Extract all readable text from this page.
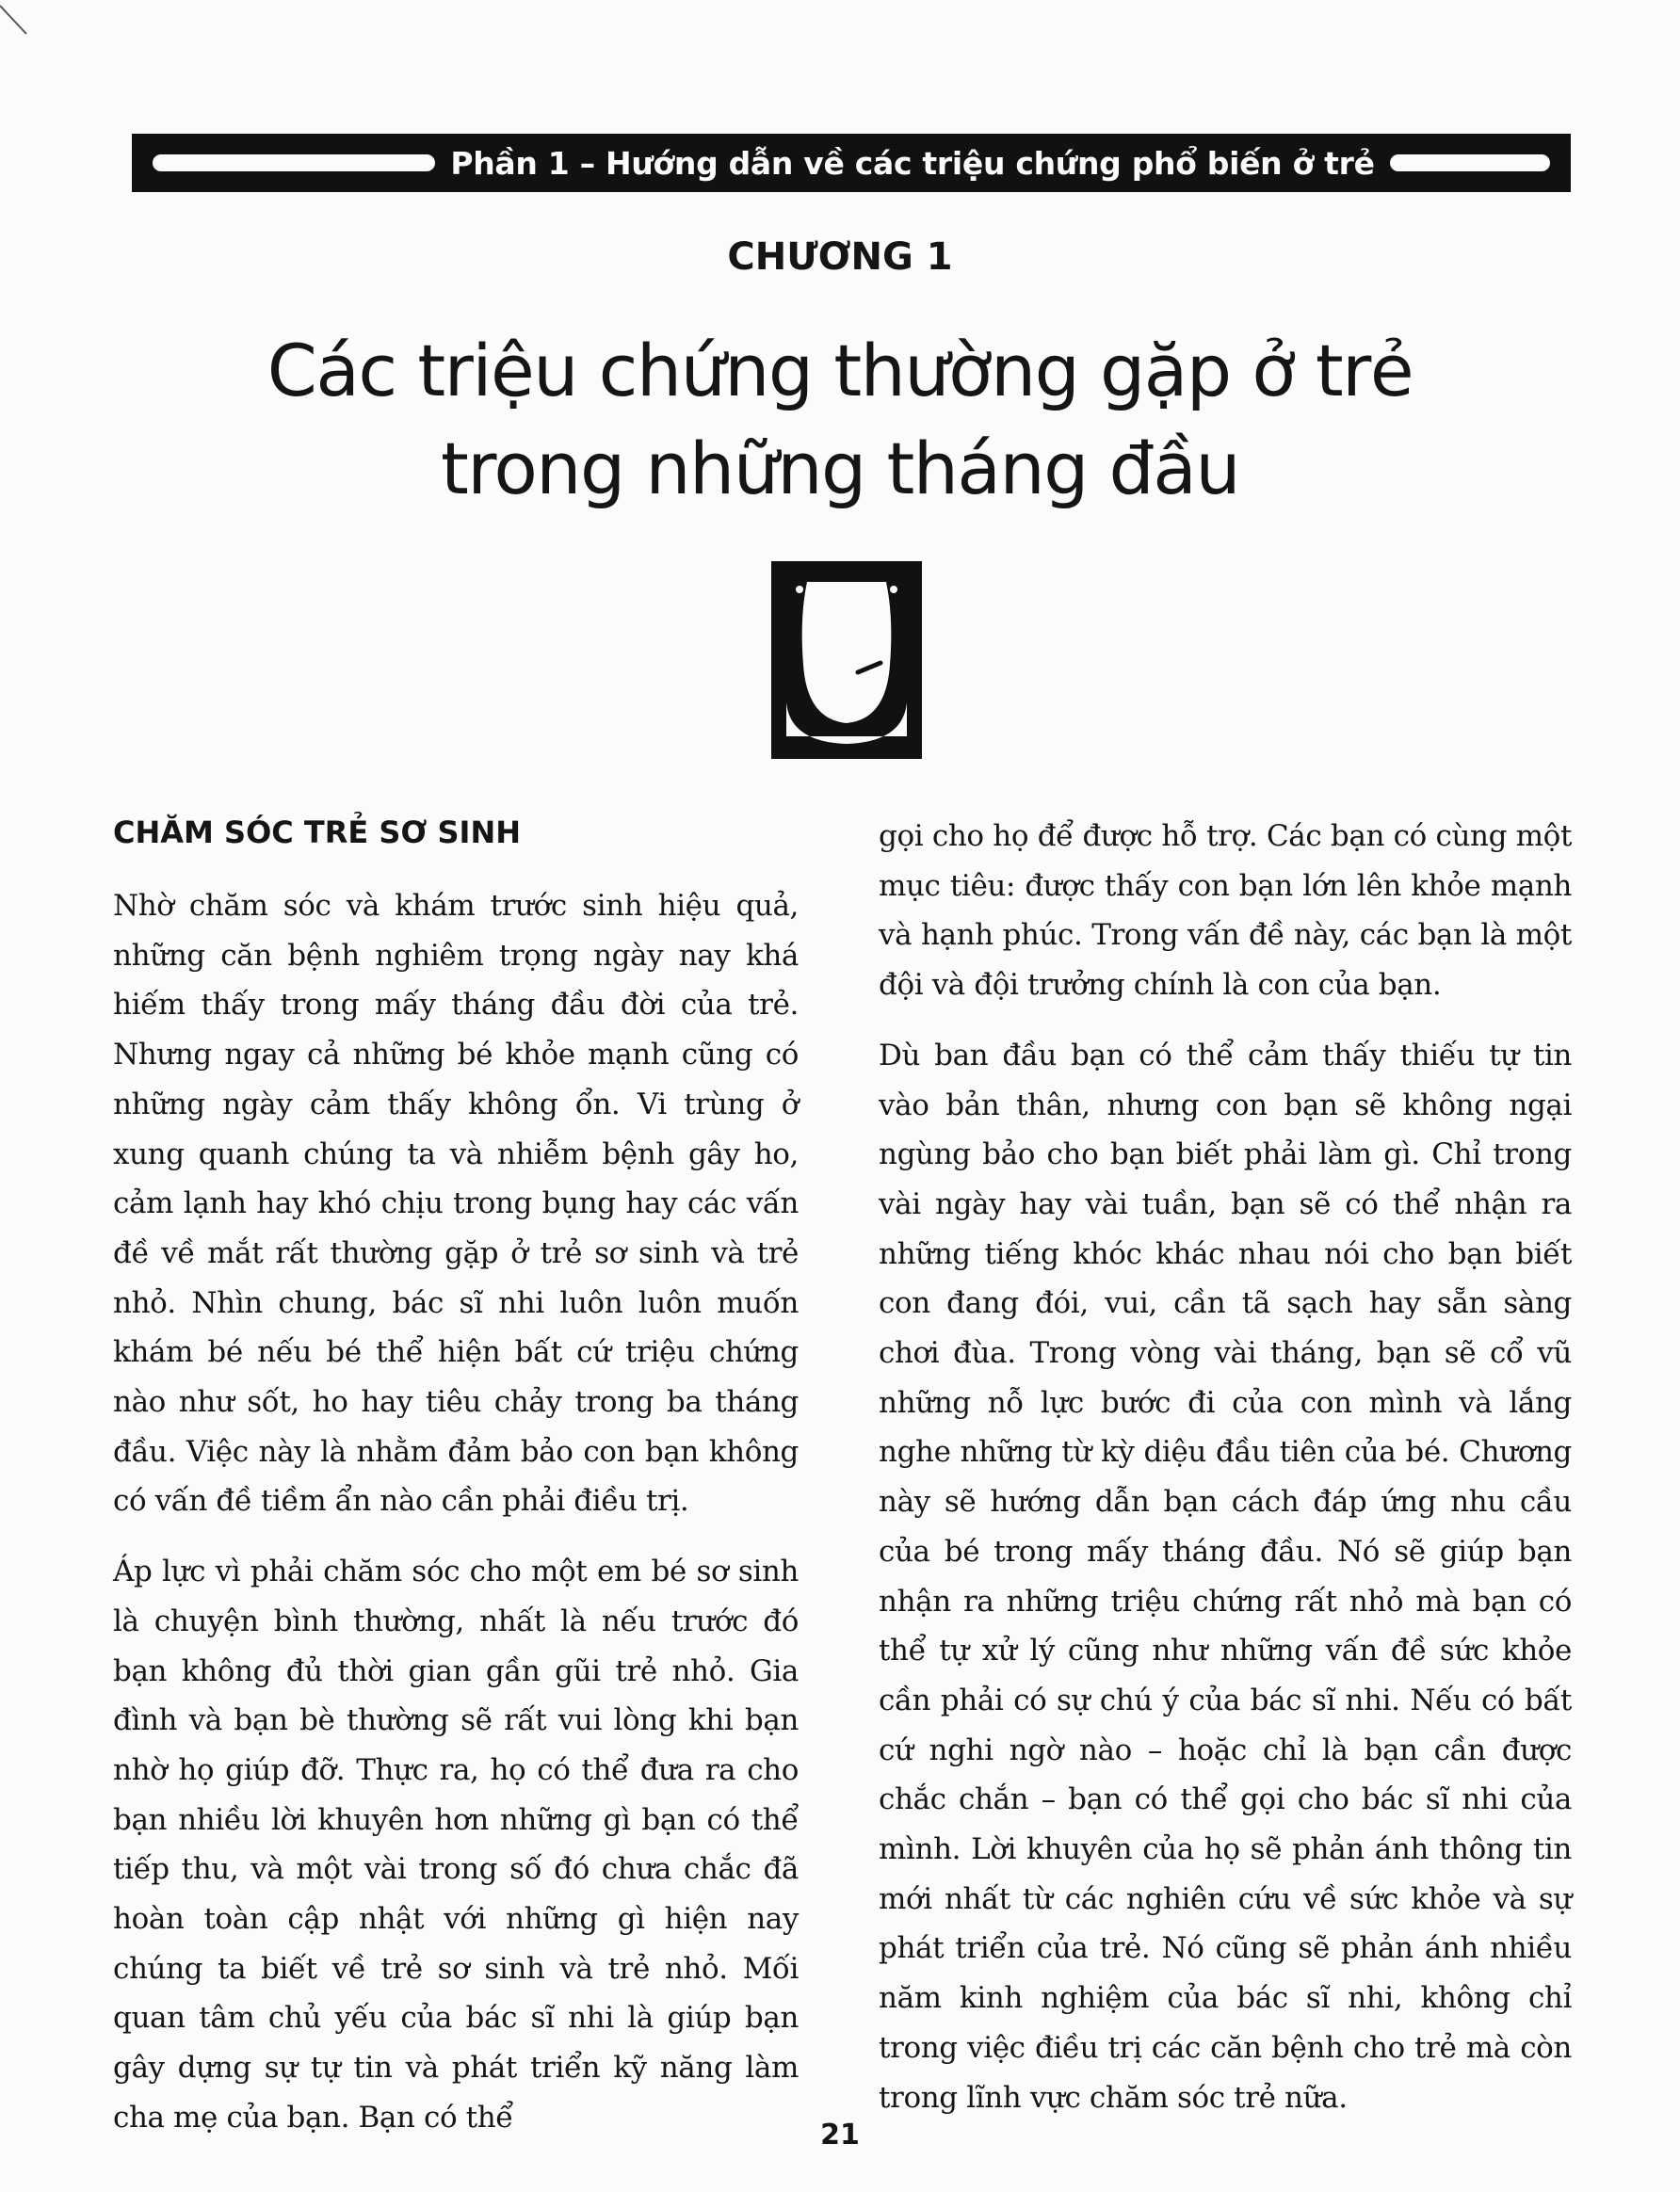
Phần 1 – Hướng dẫn về các triệu chứng phổ biến ở trẻ
CHƯƠNG 1
Các triệu chứng thường gặp ở trẻ
trong những tháng đầu
CHĂM SÓC TRẺ SƠ SINH

Nhờ chăm sóc và khám trước sinh hiệu quả, những căn bệnh nghiêm trọng ngày nay khá hiếm thấy trong mấy tháng đầu đời của trẻ. Nhưng ngay cả những bé khỏe mạnh cũng có những ngày cảm thấy không ổn. Vi trùng ở xung quanh chúng ta và nhiễm bệnh gây ho, cảm lạnh hay khó chịu trong bụng hay các vấn đề về mắt rất thường gặp ở trẻ sơ sinh và trẻ nhỏ. Nhìn chung, bác sĩ nhi luôn luôn muốn khám bé nếu bé thể hiện bất cứ triệu chứng nào như sốt, ho hay tiêu chảy trong ba tháng đầu. Việc này là nhằm đảm bảo con bạn không có vấn đề tiềm ẩn nào cần phải điều trị.

Áp lực vì phải chăm sóc cho một em bé sơ sinh là chuyện bình thường, nhất là nếu trước đó bạn không đủ thời gian gần gũi trẻ nhỏ. Gia đình và bạn bè thường sẽ rất vui lòng khi bạn nhờ họ giúp đỡ. Thực ra, họ có thể đưa ra cho bạn nhiều lời khuyên hơn những gì bạn có thể tiếp thu, và một vài trong số đó chưa chắc đã hoàn toàn cập nhật với những gì hiện nay chúng ta biết về trẻ sơ sinh và trẻ nhỏ. Mối quan tâm chủ yếu của bác sĩ nhi là giúp bạn gây dựng sự tự tin và phát triển kỹ năng làm cha mẹ của bạn. Bạn có thể

gọi cho họ để được hỗ trợ. Các bạn có cùng một mục tiêu: được thấy con bạn lớn lên khỏe mạnh và hạnh phúc. Trong vấn đề này, các bạn là một đội và đội trưởng chính là con của bạn.

Dù ban đầu bạn có thể cảm thấy thiếu tự tin vào bản thân, nhưng con bạn sẽ không ngại ngùng bảo cho bạn biết phải làm gì. Chỉ trong vài ngày hay vài tuần, bạn sẽ có thể nhận ra những tiếng khóc khác nhau nói cho bạn biết con đang đói, vui, cần tã sạch hay sẵn sàng chơi đùa. Trong vòng vài tháng, bạn sẽ cổ vũ những nỗ lực bước đi của con mình và lắng nghe những từ kỳ diệu đầu tiên của bé. Chương này sẽ hướng dẫn bạn cách đáp ứng nhu cầu của bé trong mấy tháng đầu. Nó sẽ giúp bạn nhận ra những triệu chứng rất nhỏ mà bạn có thể tự xử lý cũng như những vấn đề sức khỏe cần phải có sự chú ý của bác sĩ nhi. Nếu có bất cứ nghi ngờ nào – hoặc chỉ là bạn cần được chắc chắn – bạn có thể gọi cho bác sĩ nhi của mình. Lời khuyên của họ sẽ phản ánh thông tin mới nhất từ các nghiên cứu về sức khỏe và sự phát triển của trẻ. Nó cũng sẽ phản ánh nhiều năm kinh nghiệm của bác sĩ nhi, không chỉ trong việc điều trị các căn bệnh cho trẻ mà còn trong lĩnh vực chăm sóc trẻ nữa.

21
